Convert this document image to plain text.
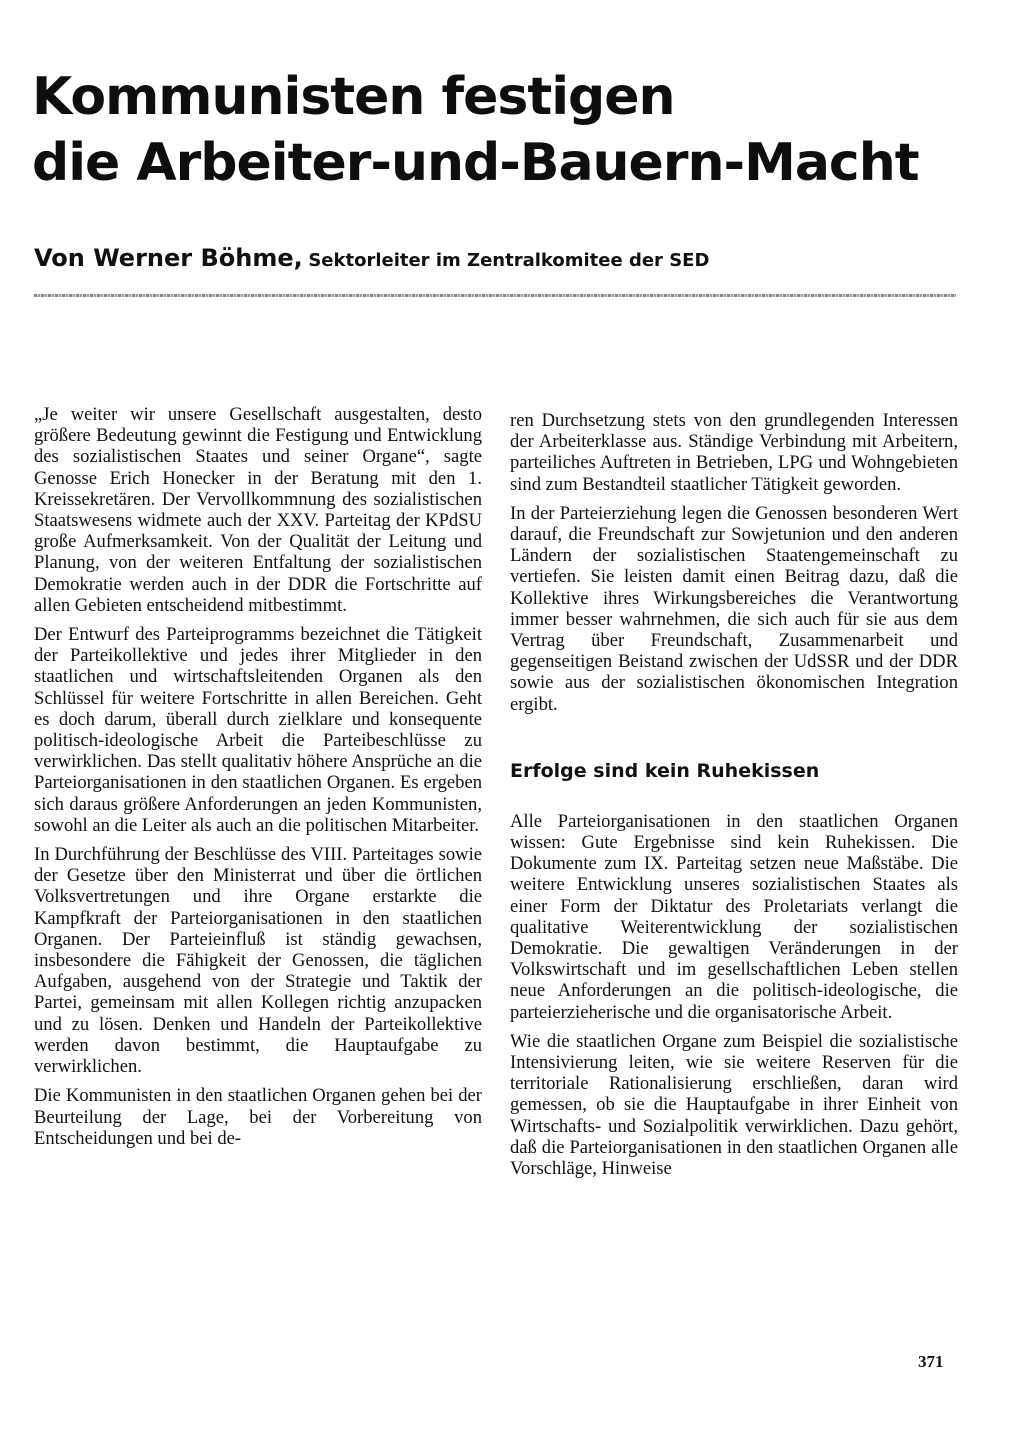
Kommunisten festigen
die Arbeiter-und-Bauern-Macht
Von Werner Böhme, Sektorleiter im Zentralkomitee der SED

„Je weiter wir unsere Gesellschaft ausgestalten, desto größere Bedeutung gewinnt die Festigung und Entwicklung des sozialistischen Staates und seiner Organe“, sagte Genosse Erich Honecker in der Beratung mit den 1. Kreissekretären. Der Vervollkommnung des sozialistischen Staatswesens widmete auch der XXV. Parteitag der KPdSU große Aufmerksamkeit. Von der Qualität der Leitung und Planung, von der weiteren Entfaltung der sozialistischen Demokratie werden auch in der DDR die Fortschritte auf allen Gebieten entscheidend mitbestimmt.

Der Entwurf des Parteiprogramms bezeichnet die Tätigkeit der Parteikollektive und jedes ihrer Mitglieder in den staatlichen und wirtschaftsleitenden Organen als den Schlüssel für weitere Fortschritte in allen Bereichen. Geht es doch darum, überall durch zielklare und konsequente politisch-ideologische Arbeit die Parteibeschlüsse zu verwirklichen. Das stellt qualitativ höhere Ansprüche an die Parteiorganisationen in den staatlichen Organen. Es ergeben sich daraus größere Anforderungen an jeden Kommunisten, sowohl an die Leiter als auch an die politischen Mitarbeiter.

In Durchführung der Beschlüsse des VIII. Parteitages sowie der Gesetze über den Ministerrat und über die örtlichen Volksvertretungen und ihre Organe erstarkte die Kampfkraft der Parteiorganisationen in den staatlichen Organen. Der Parteieinfluß ist ständig gewachsen, insbesondere die Fähigkeit der Genossen, die täglichen Aufgaben, ausgehend von der Strategie und Taktik der Partei, gemeinsam mit allen Kollegen richtig anzupacken und zu lösen. Denken und Handeln der Parteikollektive werden davon bestimmt, die Hauptaufgabe zu verwirklichen.

Die Kommunisten in den staatlichen Organen gehen bei der Beurteilung der Lage, bei der Vorbereitung von Entscheidungen und bei de-

ren Durchsetzung stets von den grundlegenden Interessen der Arbeiterklasse aus. Ständige Verbindung mit Arbeitern, parteiliches Auftreten in Betrieben, LPG und Wohngebieten sind zum Bestandteil staatlicher Tätigkeit geworden.

In der Parteierziehung legen die Genossen besonderen Wert darauf, die Freundschaft zur Sowjetunion und den anderen Ländern der sozialistischen Staatengemeinschaft zu vertiefen. Sie leisten damit einen Beitrag dazu, daß die Kollektive ihres Wirkungsbereiches die Verantwortung immer besser wahrnehmen, die sich auch für sie aus dem Vertrag über Freundschaft, Zusammenarbeit und gegenseitigen Beistand zwischen der UdSSR und der DDR sowie aus der sozialistischen ökonomischen Integration ergibt.

Erfolge sind kein Ruhekissen

Alle Parteiorganisationen in den staatlichen Organen wissen: Gute Ergebnisse sind kein Ruhekissen. Die Dokumente zum IX. Parteitag setzen neue Maßstäbe. Die weitere Entwicklung unseres sozialistischen Staates als einer Form der Diktatur des Proletariats verlangt die qualitative Weiterentwicklung der sozialistischen Demokratie. Die gewaltigen Veränderungen in der Volkswirtschaft und im gesellschaftlichen Leben stellen neue Anforderungen an die politisch-ideologische, die parteierzieherische und die organisatorische Arbeit.

Wie die staatlichen Organe zum Beispiel die sozialistische Intensivierung leiten, wie sie weitere Reserven für die territoriale Rationalisierung erschließen, daran wird gemessen, ob sie die Hauptaufgabe in ihrer Einheit von Wirtschafts- und Sozialpolitik verwirklichen. Dazu gehört, daß die Parteiorganisationen in den staatlichen Organen alle Vorschläge, Hinweise

371
